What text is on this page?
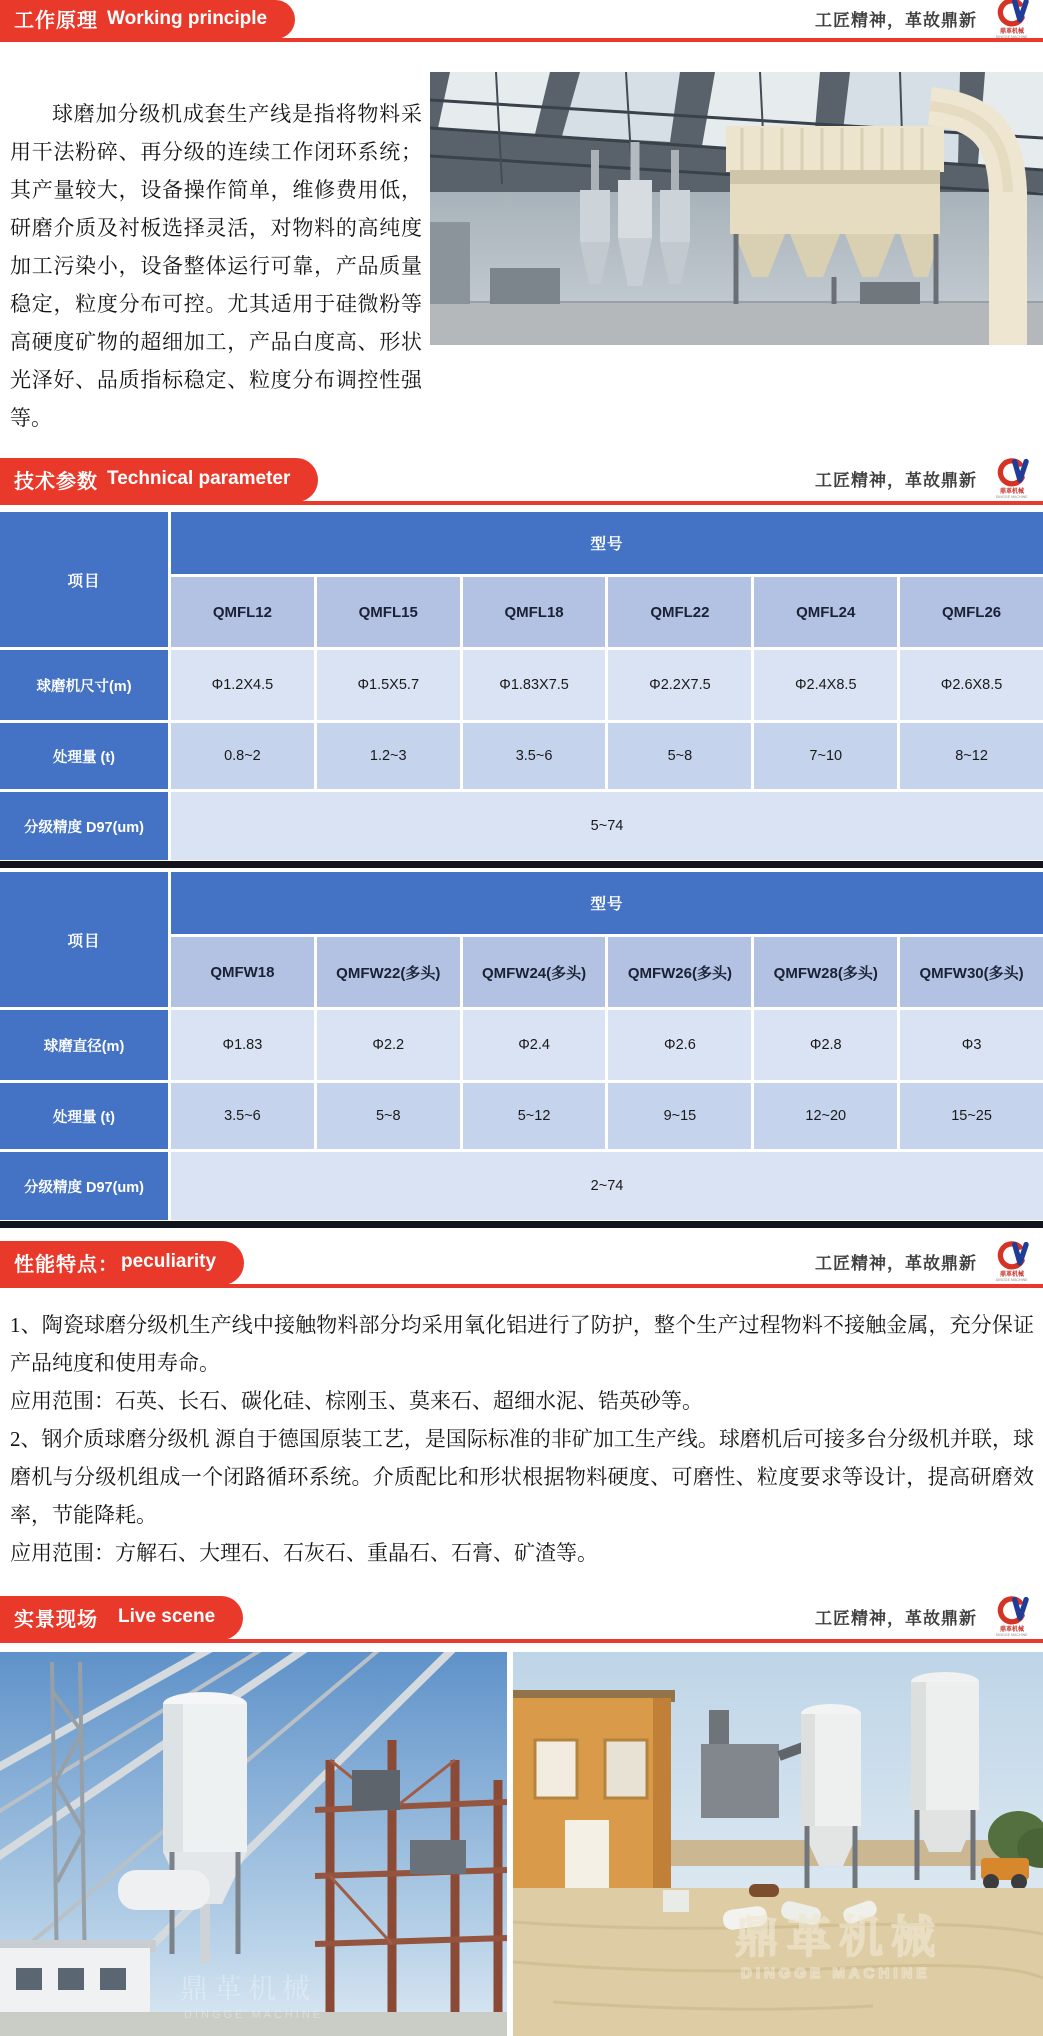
工作原理 Working principle	工匠精神，革故鼎新
鼎革机械
DINGGE MACHINE

球磨加分级机成套生产线是指将物料采用干法粉碎、再分级的连续工作闭环系统；其产量较大，设备操作简单，维修费用低，研磨介质及衬板选择灵活，对物料的高纯度加工污染小，设备整体运行可靠，产品质量稳定，粒度分布可控。尤其适用于硅微粉等高硬度矿物的超细加工，产品白度高、形状光泽好、品质指标稳定、粒度分布调控性强等。

技术参数 Technical parameter	工匠精神，革故鼎新
鼎革机械
DINGGE MACHINE
项目
型号
QMFL12	QMFL15	QMFL18	QMFL22	QMFL24	QMFL26
球磨机尺寸(m)	Φ1.2X4.5	Φ1.5X5.7	Φ1.83X7.5	Φ2.2X7.5	Φ2.4X8.5	Φ2.6X8.5
处理量 (t)	0.8~2	1.2~3	3.5~6	5~8	7~10	8~12
分级精度 D97(um)	5~74
项目
型号
QMFW18	QMFW22(多头)	QMFW24(多头)	QMFW26(多头)	QMFW28(多头)	QMFW30(多头)
球磨直径(m)	Φ1.83	Φ2.2	Φ2.4	Φ2.6	Φ2.8	Φ3
处理量 (t)	3.5~6	5~8	5~12	9~15	12~20	15~25
分级精度 D97(um)	2~74
性能特点： peculiarity	工匠精神，革故鼎新
鼎革机械
DINGGE MACHINE

1、陶瓷球磨分级机生产线中接触物料部分均采用氧化铝进行了防护，整个生产过程物料不接触金属，充分保证产品纯度和使用寿命。

应用范围：石英、长石、碳化硅、棕刚玉、莫来石、超细水泥、锆英砂等。

2、钢介质球磨分级机 源自于德国原装工艺，是国际标准的非矿加工生产线。球磨机后可接多台分级机并联，球磨机与分级机组成一个闭路循环系统。介质配比和形状根据物料硬度、可磨性、粒度要求等设计，提高研磨效率，节能降耗。

应用范围：方解石、大理石、石灰石、重晶石、石膏、矿渣等。

实景现场 Live scene	工匠精神，革故鼎新
鼎革机械
DINGGE MACHINE
鼎革机械
DINGGE MACHINE
鼎革机械
DINGGE MACHINE
